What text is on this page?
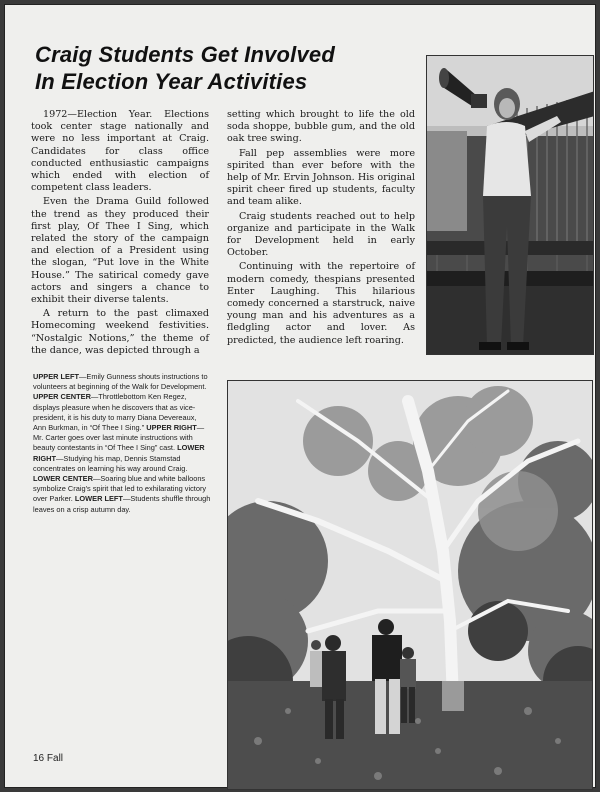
Craig Students Get Involved
In Election Year Activities

1972—Election Year. Elections took center stage nationally and were no less important at Craig. Candidates for class office conducted enthusiastic campaigns which ended with election of competent class leaders.

Even the Drama Guild followed the trend as they produced their first play, Of Thee I Sing, which related the story of the campaign and election of a President using the slogan, “Put love in the White House.” The satirical comedy gave actors and singers a chance to exhibit their diverse talents.

A return to the past climaxed Homecoming weekend festivities. “Nostalgic Notions,” the theme of the dance, was depicted through a

setting which brought to life the old soda shoppe, bubble gum, and the old oak tree swing.

Fall pep assemblies were more spirited than ever before with the help of Mr. Ervin Johnson. His original spirit cheer fired up students, faculty and team alike.

Craig students reached out to help organize and participate in the Walk for Development held in early October.

Continuing with the repertoire of modern comedy, thespians presented Enter Laughing. This hilarious comedy concerned a starstruck, naive young man and his adventures as a fledgling actor and lover. As predicted, the audience left roaring.

UPPER LEFT—Emily Gunness shouts instructions to volunteers at beginning of the Walk for Development. UPPER CENTER—Throttlebottom Ken Regez, displays pleasure when he discovers that as vice-president, it is his duty to marry Diana Devereaux, Ann Burkman, in “Of Thee I Sing.” UPPER RIGHT—Mr. Carter goes over last minute instructions with beauty contestants in “Of Thee I Sing” cast. LOWER RIGHT—Studying his map, Dennis Stamstad concentrates on learning his way around Craig. LOWER CENTER—Soaring blue and white balloons symbolize Craig's spirit that led to exhilarating victory over Parker. LOWER LEFT—Students shuffle through leaves on a crisp autumn day.
16 Fall
